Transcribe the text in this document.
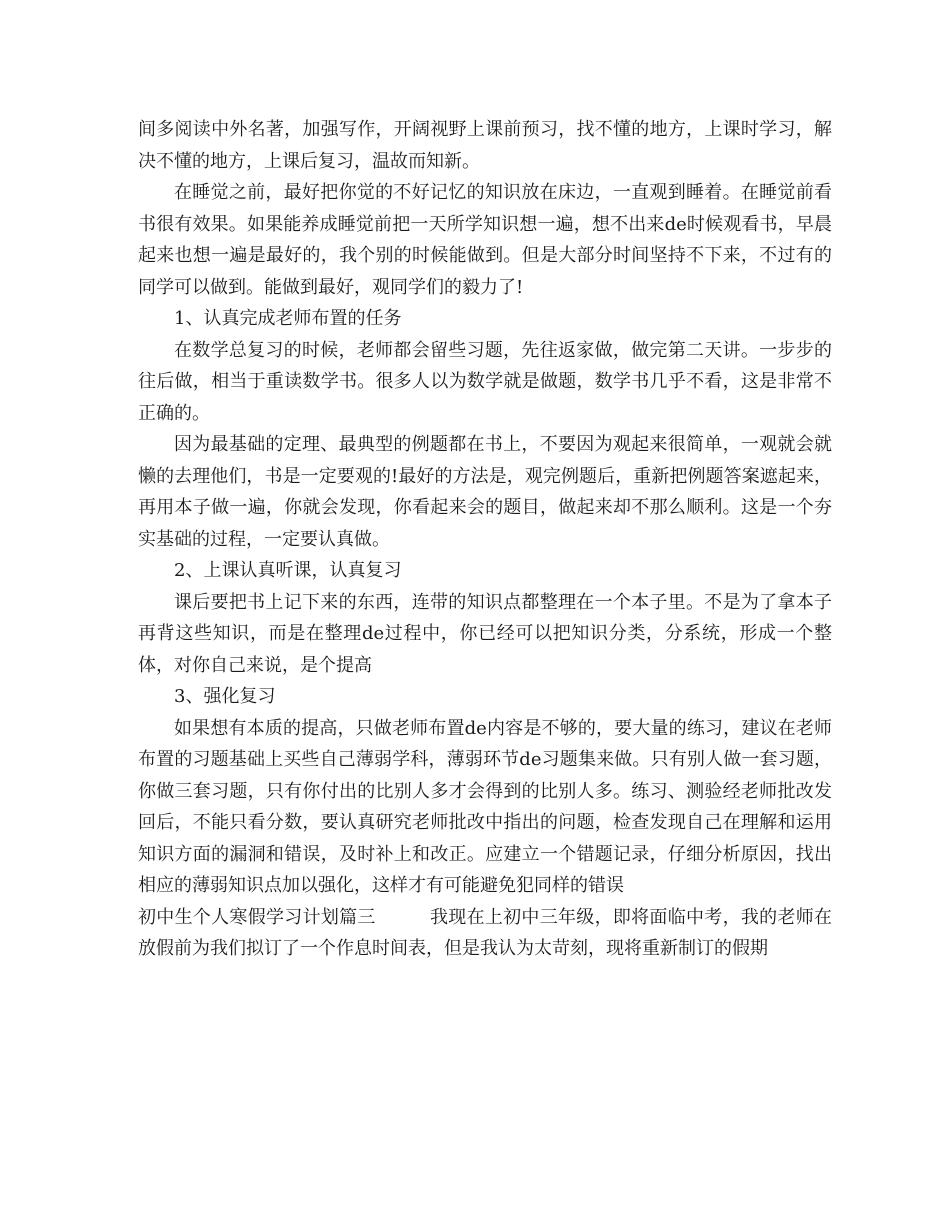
间多阅读中外名著，加强写作，开阔视野上课前预习，找不懂的地方，上课时学习，解决不懂的地方，上课后复习，温故而知新。

在睡觉之前，最好把你觉的不好记忆的知识放在床边，一直观到睡着。在睡觉前看书很有效果。如果能养成睡觉前把一天所学知识想一遍，想不出来de时候观看书，早晨起来也想一遍是最好的，我个别的时候能做到。但是大部分时间坚持不下来，不过有的同学可以做到。能做到最好，观同学们的毅力了!

1、认真完成老师布置的任务

在数学总复习的时候，老师都会留些习题，先往返家做，做完第二天讲。一步步的往后做，相当于重读数学书。很多人以为数学就是做题，数学书几乎不看，这是非常不正确的。

因为最基础的定理、最典型的例题都在书上，不要因为观起来很简单，一观就会就懒的去理他们，书是一定要观的!最好的方法是，观完例题后，重新把例题答案遮起来，再用本子做一遍，你就会发现，你看起来会的题目，做起来却不那么顺利。这是一个夯实基础的过程，一定要认真做。

2、上课认真听课，认真复习

课后要把书上记下来的东西，连带的知识点都整理在一个本子里。不是为了拿本子再背这些知识，而是在整理de过程中，你已经可以把知识分类，分系统，形成一个整体，对你自己来说，是个提高

3、强化复习

如果想有本质的提高，只做老师布置de内容是不够的，要大量的练习，建议在老师布置的习题基础上买些自己薄弱学科，薄弱环节de习题集来做。只有别人做一套习题，你做三套习题，只有你付出的比别人多才会得到的比别人多。练习、测验经老师批改发回后，不能只看分数，要认真研究老师批改中指出的问题，检查发现自己在理解和运用知识方面的漏洞和错误，及时补上和改正。应建立一个错题记录，仔细分析原因，找出相应的薄弱知识点加以强化，这样才有可能避免犯同样的错误

初中生个人寒假学习计划篇三	我现在上初中三年级，即将面临中考，我的老师在放假前为我们拟订了一个作息时间表，但是我认为太苛刻，现将重新制订的假期
